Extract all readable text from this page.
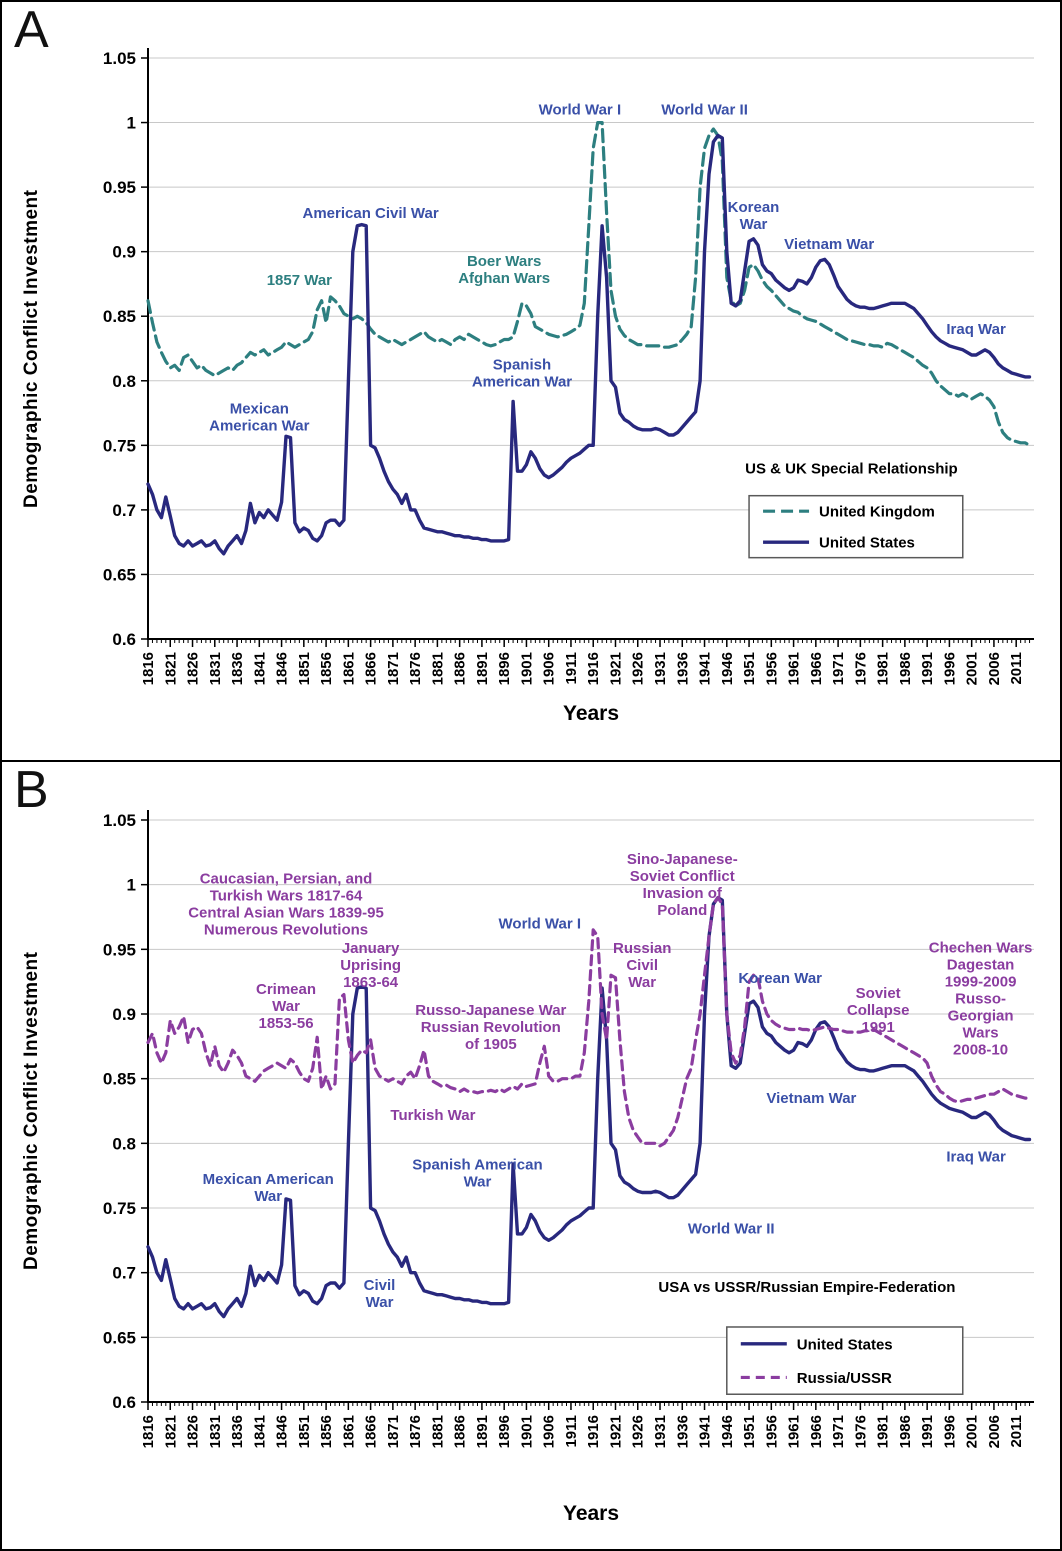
A
Demographic Conflict Investment
Years
0.6
0.65
0.7
0.75
0.8
0.85
0.9
0.95
1
1.05
1816 1821 1826 1831 1836 1841 1846 1851 1856 1861 1866 1871 1876 1881 1886 1891 1896 1901 1906 1911 1916 1921 1926 1931 1936 1941 1946 1951 1956 1961 1966 1971 1976 1981 1986 1991 1996 2001 2006 2011
World War I	World War II
American Civil War
1857 War
Boer Wars
Afghan Wars
Spanish
American War
Mexican
American War
Korean
War
Vietnam War
Iraq War
US & UK Special Relationship
United Kingdom
United States
B
Demographic Conflict Investment
Years
0.6
0.65
0.7
0.75
0.8
0.85
0.9
0.95
1
1.05
1816 1821 1826 1831 1836 1841 1846 1851 1856 1861 1866 1871 1876 1881 1886 1891 1896 1901 1906 1911 1916 1921 1926 1931 1936 1941 1946 1951 1956 1961 1966 1971 1976 1981 1986 1991 1996 2001 2006 2011
Caucasian, Persian, and
Turkish Wars 1817-64
Central Asian Wars 1839-95
Numerous Revolutions
Crimean
War
1853-56
January
Uprising
1863-64
World War I
Russo-Japanese War
Russian Revolution
of 1905
Turkish War
Sino-Japanese-
Soviet Conflict
Invasion of
Poland
Russian
Civil
War	Korean War
Soviet
Collapse
1991
Chechen Wars
Dagestan
1999-2009
Russo-
Georgian
Wars
2008-10
Mexican American
War
Spanish American
War
Civil
War
Vietnam War
World War II
Iraq War
USA vs USSR/Russian Empire-Federation
United States
Russia/USSR
